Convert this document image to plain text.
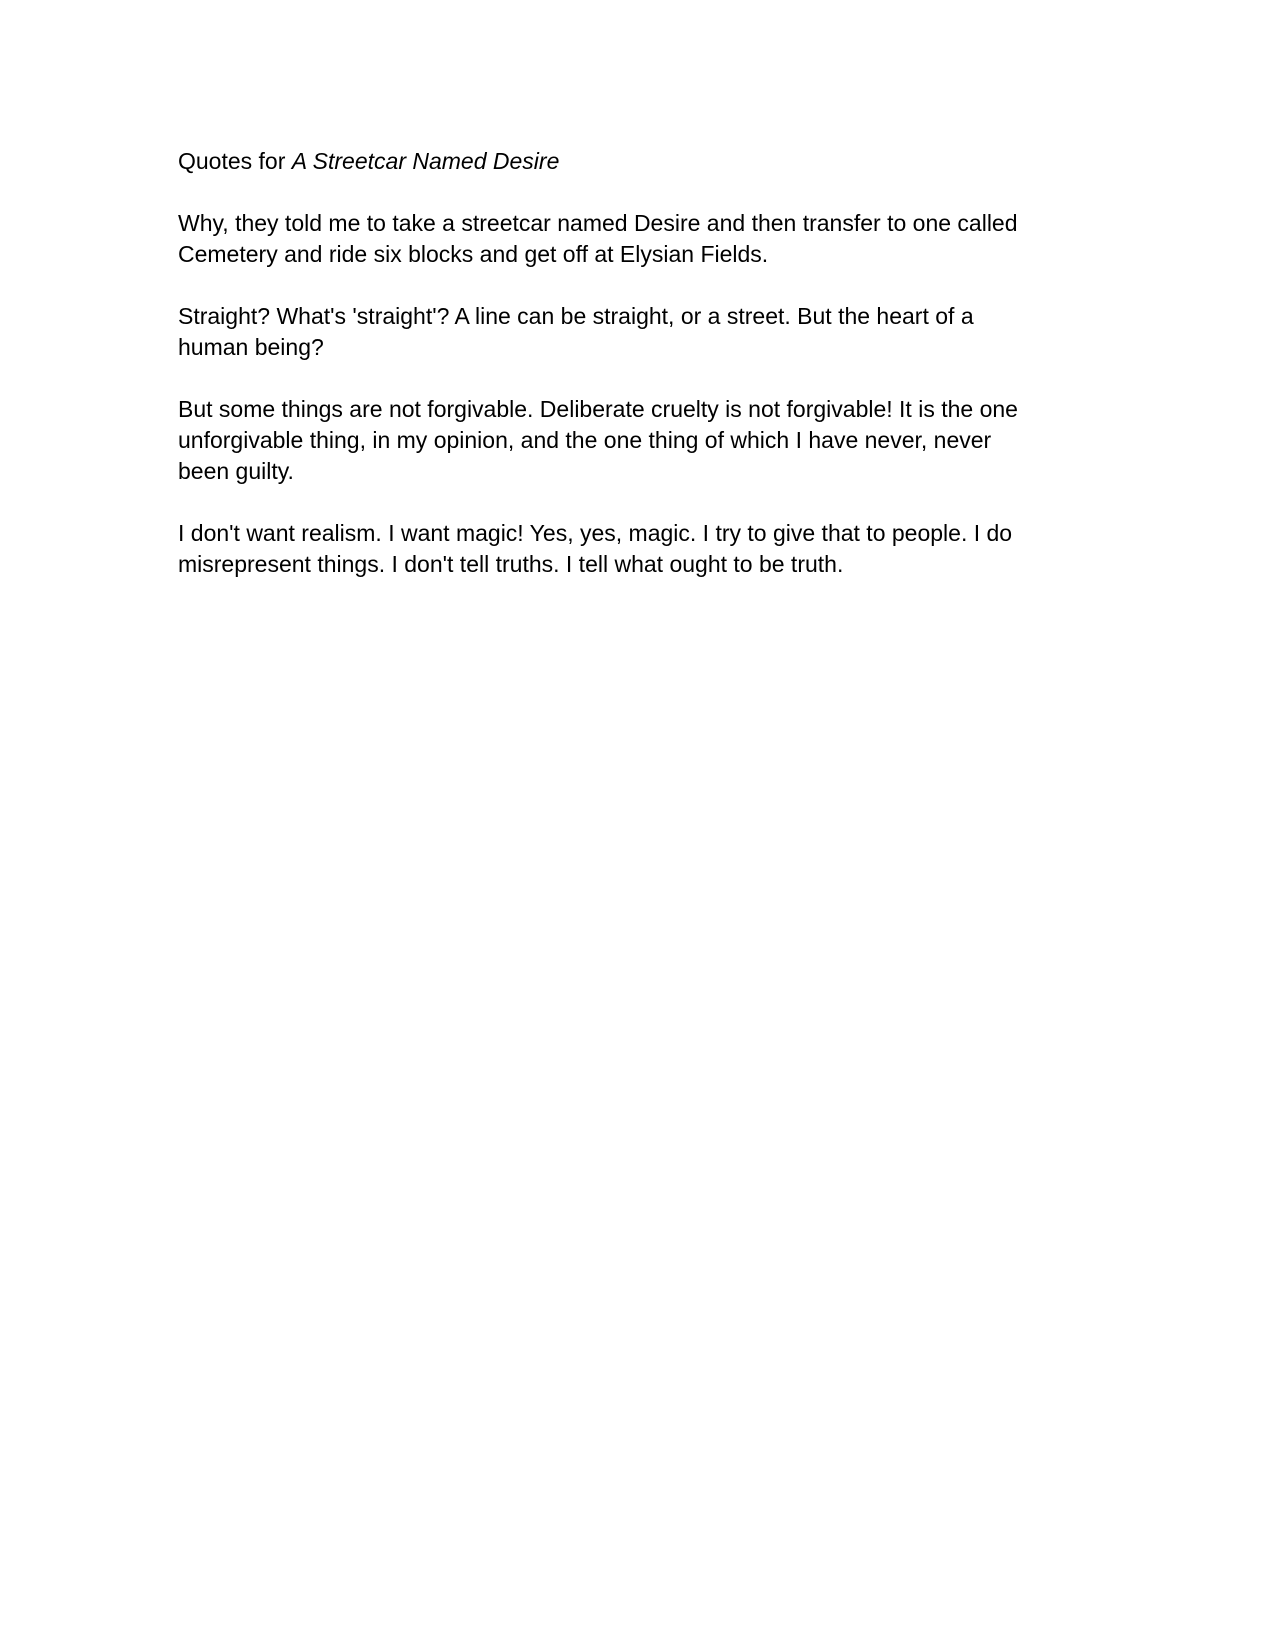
Quotes for A Streetcar Named Desire

Why, they told me to take a streetcar named Desire and then transfer to one called Cemetery and ride six blocks and get off at Elysian Fields.

Straight? What's 'straight'? A line can be straight, or a street. But the heart of a human being?

But some things are not forgivable. Deliberate cruelty is not forgivable! It is the one unforgivable thing, in my opinion, and the one thing of which I have never, never been guilty.

I don't want realism. I want magic! Yes, yes, magic. I try to give that to people. I do misrepresent things. I don't tell truths. I tell what ought to be truth.
